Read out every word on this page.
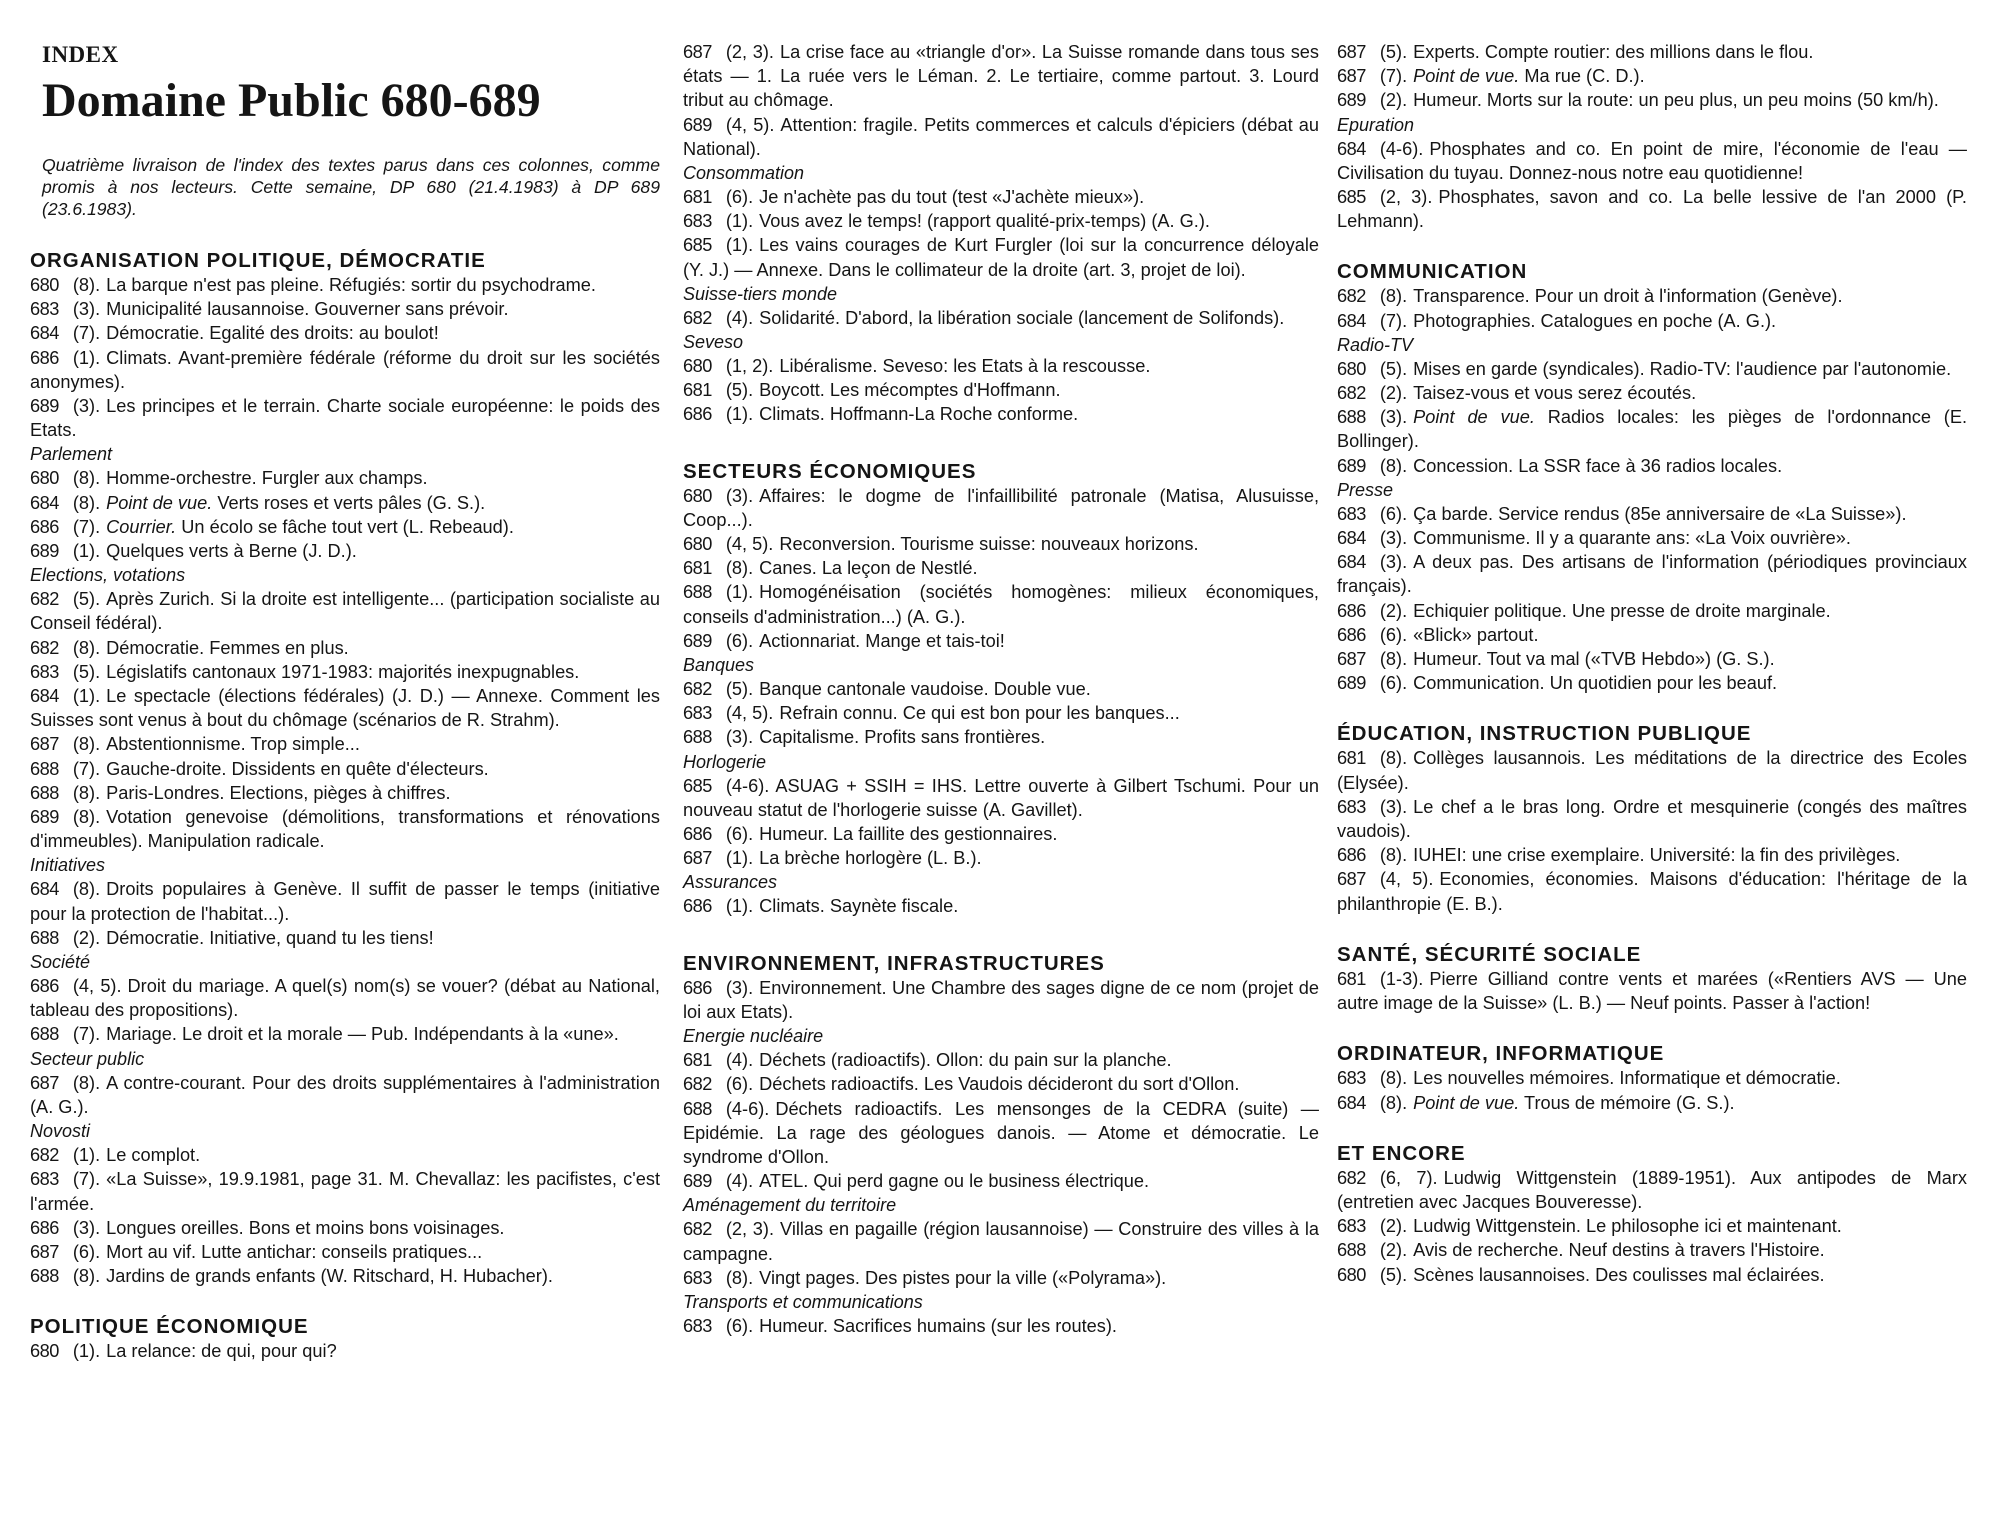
INDEX
Domaine Public 680-689
Quatrième livraison de l'index des textes parus dans ces colonnes, comme promis à nos lecteurs. Cette semaine, DP 680 (21.4.1983) à DP 689 (23.6.1983).
ORGANISATION POLITIQUE, DÉMOCRATIE
680 (8). La barque n'est pas pleine. Réfugiés: sortir du psychodrame.
683 (3). Municipalité lausannoise. Gouverner sans prévoir.
684 (7). Démocratie. Egalité des droits: au boulot!
686 (1). Climats. Avant-première fédérale (réforme du droit sur les sociétés anonymes).
689 (3). Les principes et le terrain. Charte sociale européenne: le poids des Etats.
Parlement
680 (8). Homme-orchestre. Furgler aux champs.
684 (8). Point de vue. Verts roses et verts pâles (G. S.).
686 (7). Courrier. Un écolo se fâche tout vert (L. Rebeaud).
689 (1). Quelques verts à Berne (J. D.).
Elections, votations
682 (5). Après Zurich. Si la droite est intelligente... (participation socialiste au Conseil fédéral).
682 (8). Démocratie. Femmes en plus.
683 (5). Législatifs cantonaux 1971-1983: majorités inexpugnables.
684 (1). Le spectacle (élections fédérales) (J. D.) — Annexe. Comment les Suisses sont venus à bout du chômage (scénarios de R. Strahm).
687 (8). Abstentionnisme. Trop simple...
688 (7). Gauche-droite. Dissidents en quête d'électeurs.
688 (8). Paris-Londres. Elections, pièges à chiffres.
689 (8). Votation genevoise (démolitions, transformations et rénovations d'immeubles). Manipulation radicale.
Initiatives
684 (8). Droits populaires à Genève. Il suffit de passer le temps (initiative pour la protection de l'habitat...).
688 (2). Démocratie. Initiative, quand tu les tiens!
Société
686 (4, 5). Droit du mariage. A quel(s) nom(s) se vouer? (débat au National, tableau des propositions).
688 (7). Mariage. Le droit et la morale — Pub. Indépendants à la «une».
Secteur public
687 (8). A contre-courant. Pour des droits supplémentaires à l'administration (A. G.).
Novosti
682 (1). Le complot.
683 (7). «La Suisse», 19.9.1981, page 31. M. Chevallaz: les pacifistes, c'est l'armée.
686 (3). Longues oreilles. Bons et moins bons voisinages.
687 (6). Mort au vif. Lutte antichar: conseils pratiques...
688 (8). Jardins de grands enfants (W. Ritschard, H. Hubacher).
POLITIQUE ÉCONOMIQUE
680 (1). La relance: de qui, pour qui?
687 (2, 3). La crise face au «triangle d'or». La Suisse romande dans tous ses états — 1. La ruée vers le Léman. 2. Le tertiaire, comme partout. 3. Lourd tribut au chômage.
689 (4, 5). Attention: fragile. Petits commerces et calculs d'épiciers (débat au National).
Consommation
681 (6). Je n'achète pas du tout (test «J'achète mieux»).
683 (1). Vous avez le temps! (rapport qualité-prix-temps) (A. G.).
685 (1). Les vains courages de Kurt Furgler (loi sur la concurrence déloyale (Y. J.) — Annexe. Dans le collimateur de la droite (art. 3, projet de loi).
Suisse-tiers monde
682 (4). Solidarité. D'abord, la libération sociale (lancement de Solifonds).
Seveso
680 (1, 2). Libéralisme. Seveso: les Etats à la rescousse.
681 (5). Boycott. Les mécomptes d'Hoffmann.
686 (1). Climats. Hoffmann-La Roche conforme.
SECTEURS ÉCONOMIQUES
680 (3). Affaires: le dogme de l'infaillibilité patronale (Matisa, Alusuisse, Coop...).
680 (4, 5). Reconversion. Tourisme suisse: nouveaux horizons.
681 (8). Canes. La leçon de Nestlé.
688 (1). Homogénéisation (sociétés homogènes: milieux économiques, conseils d'administration...) (A. G.).
689 (6). Actionnariat. Mange et tais-toi!
Banques
682 (5). Banque cantonale vaudoise. Double vue.
683 (4, 5). Refrain connu. Ce qui est bon pour les banques...
688 (3). Capitalisme. Profits sans frontières.
Horlogerie
685 (4-6). ASUAG + SSIH = IHS. Lettre ouverte à Gilbert Tschumi. Pour un nouveau statut de l'horlogerie suisse (A. Gavillet).
686 (6). Humeur. La faillite des gestionnaires.
687 (1). La brèche horlogère (L. B.).
Assurances
686 (1). Climats. Saynète fiscale.
ENVIRONNEMENT, INFRASTRUCTURES
686 (3). Environnement. Une Chambre des sages digne de ce nom (projet de loi aux Etats).
Energie nucléaire
681 (4). Déchets (radioactifs). Ollon: du pain sur la planche.
682 (6). Déchets radioactifs. Les Vaudois décideront du sort d'Ollon.
688 (4-6). Déchets radioactifs. Les mensonges de la CEDRA (suite) — Epidémie. La rage des géologues danois. — Atome et démocratie. Le syndrome d'Ollon.
689 (4). ATEL. Qui perd gagne ou le business électrique.
Aménagement du territoire
682 (2, 3). Villas en pagaille (région lausannoise) — Construire des villes à la campagne.
683 (8). Vingt pages. Des pistes pour la ville («Polyrama»).
Transports et communications
683 (6). Humeur. Sacrifices humains (sur les routes).
687 (5). Experts. Compte routier: des millions dans le flou.
687 (7). Point de vue. Ma rue (C. D.).
689 (2). Humeur. Morts sur la route: un peu plus, un peu moins (50 km/h).
Epuration
684 (4-6). Phosphates and co. En point de mire, l'économie de l'eau — Civilisation du tuyau. Donnez-nous notre eau quotidienne!
685 (2, 3). Phosphates, savon and co. La belle lessive de l'an 2000 (P. Lehmann).
COMMUNICATION
682 (8). Transparence. Pour un droit à l'information (Genève).
684 (7). Photographies. Catalogues en poche (A. G.).
Radio-TV
680 (5). Mises en garde (syndicales). Radio-TV: l'audience par l'autonomie.
682 (2). Taisez-vous et vous serez écoutés.
688 (3). Point de vue. Radios locales: les pièges de l'ordonnance (E. Bollinger).
689 (8). Concession. La SSR face à 36 radios locales.
Presse
683 (6). Ça barde. Service rendus (85e anniversaire de «La Suisse»).
684 (3). Communisme. Il y a quarante ans: «La Voix ouvrière».
684 (3). A deux pas. Des artisans de l'information (périodiques provinciaux français).
686 (2). Echiquier politique. Une presse de droite marginale.
686 (6). «Blick» partout.
687 (8). Humeur. Tout va mal («TVB Hebdo») (G. S.).
689 (6). Communication. Un quotidien pour les beauf.
ÉDUCATION, INSTRUCTION PUBLIQUE
681 (8). Collèges lausannois. Les méditations de la directrice des Ecoles (Elysée).
683 (3). Le chef a le bras long. Ordre et mesquinerie (congés des maîtres vaudois).
686 (8). IUHEI: une crise exemplaire. Université: la fin des privilèges.
687 (4, 5). Economies, économies. Maisons d'éducation: l'héritage de la philanthropie (E. B.).
SANTÉ, SÉCURITÉ SOCIALE
681 (1-3). Pierre Gilliand contre vents et marées («Rentiers AVS — Une autre image de la Suisse» (L. B.) — Neuf points. Passer à l'action!
ORDINATEUR, INFORMATIQUE
683 (8). Les nouvelles mémoires. Informatique et démocratie.
684 (8). Point de vue. Trous de mémoire (G. S.).
ET ENCORE
682 (6, 7). Ludwig Wittgenstein (1889-1951). Aux antipodes de Marx (entretien avec Jacques Bouveresse).
683 (2). Ludwig Wittgenstein. Le philosophe ici et maintenant.
688 (2). Avis de recherche. Neuf destins à travers l'Histoire.
680 (5). Scènes lausannoises. Des coulisses mal éclairées.
